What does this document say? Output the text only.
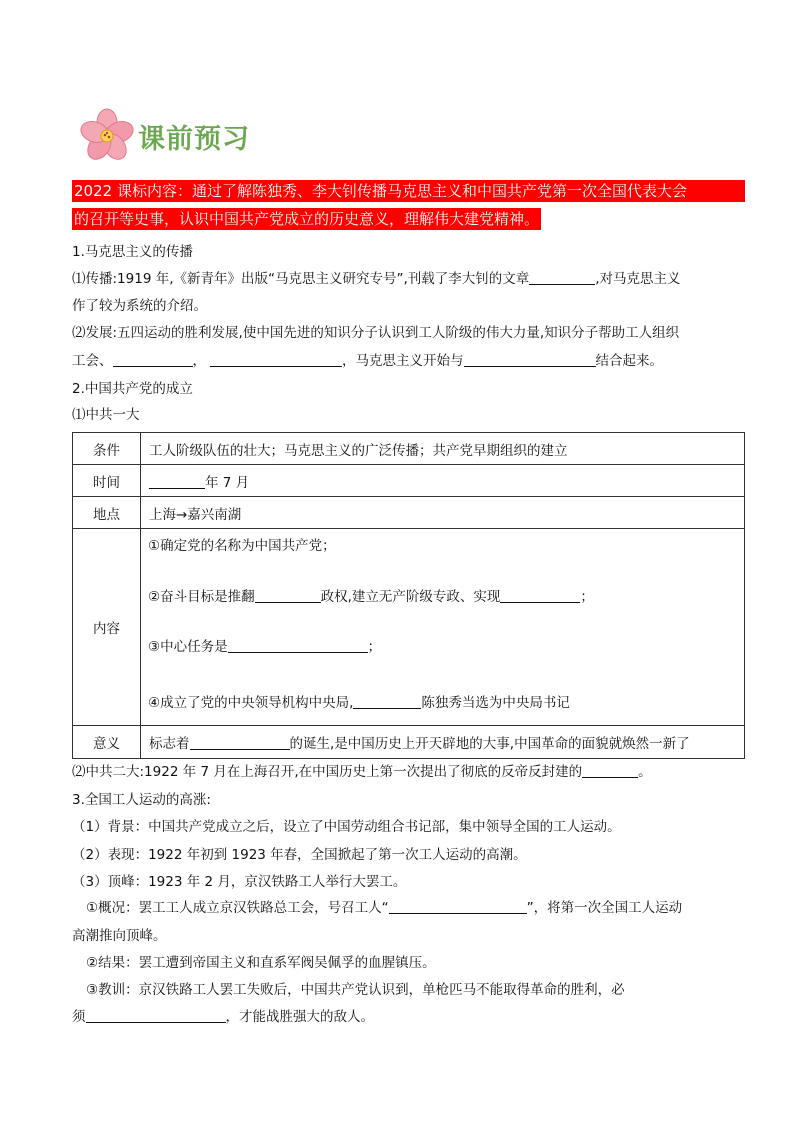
课前预习
2022 课标内容：通过了解陈独秀、李大钊传播马克思主义和中国共产党第一次全国代表大会
的召开等史事，认识中国共产党成立的历史意义，理解伟大建党精神。
1.马克思主义的传播
⑴传播:1919 年,《新青年》出版“马克思主义研究专号”,刊载了李大钊的文章	,对马克思主义
作了较为系统的介绍。
⑵发展:五四运动的胜利发展,使中国先进的知识分子认识到工人阶级的伟大力量,知识分子帮助工人组织
工会、	，	，马克思主义开始与	结合起来。
2.中国共产党的成立
⑴中共一大
条件	工人阶级队伍的壮大；马克思主义的广泛传播；共产党早期组织的建立
时间	年 7 月
地点	上海→嘉兴南湖
内容	①确定党的名称为中国共产党；
②奋斗目标是推翻 政权,建立无产阶级专政、实现 ；
③中心任务是 ；
④成立了党的中央领导机构中央局, 陈独秀当选为中央局书记

意义	标志着 的诞生,是中国历史上开天辟地的大事,中国革命的面貌就焕然一新了
⑵中共二大:1922 年 7 月在上海召开,在中国历史上第一次提出了彻底的反帝反封建的	。
3.全国工人运动的高涨:
（1）背景：中国共产党成立之后，设立了中国劳动组合书记部，集中领导全国的工人运动。
（2）表现：1922 年初到 1923 年春，全国掀起了第一次工人运动的高潮。
（3）顶峰：1923 年 2 月，京汉铁路工人举行大罢工。
①概况：罢工工人成立京汉铁路总工会，号召工人“	”，将第一次全国工人运动
高潮推向顶峰。
②结果：罢工遭到帝国主义和直系军阀吴佩孚的血腥镇压。
③教训：京汉铁路工人罢工失败后，中国共产党认识到，单枪匹马不能取得革命的胜利，必
须	，才能战胜强大的敌人。
